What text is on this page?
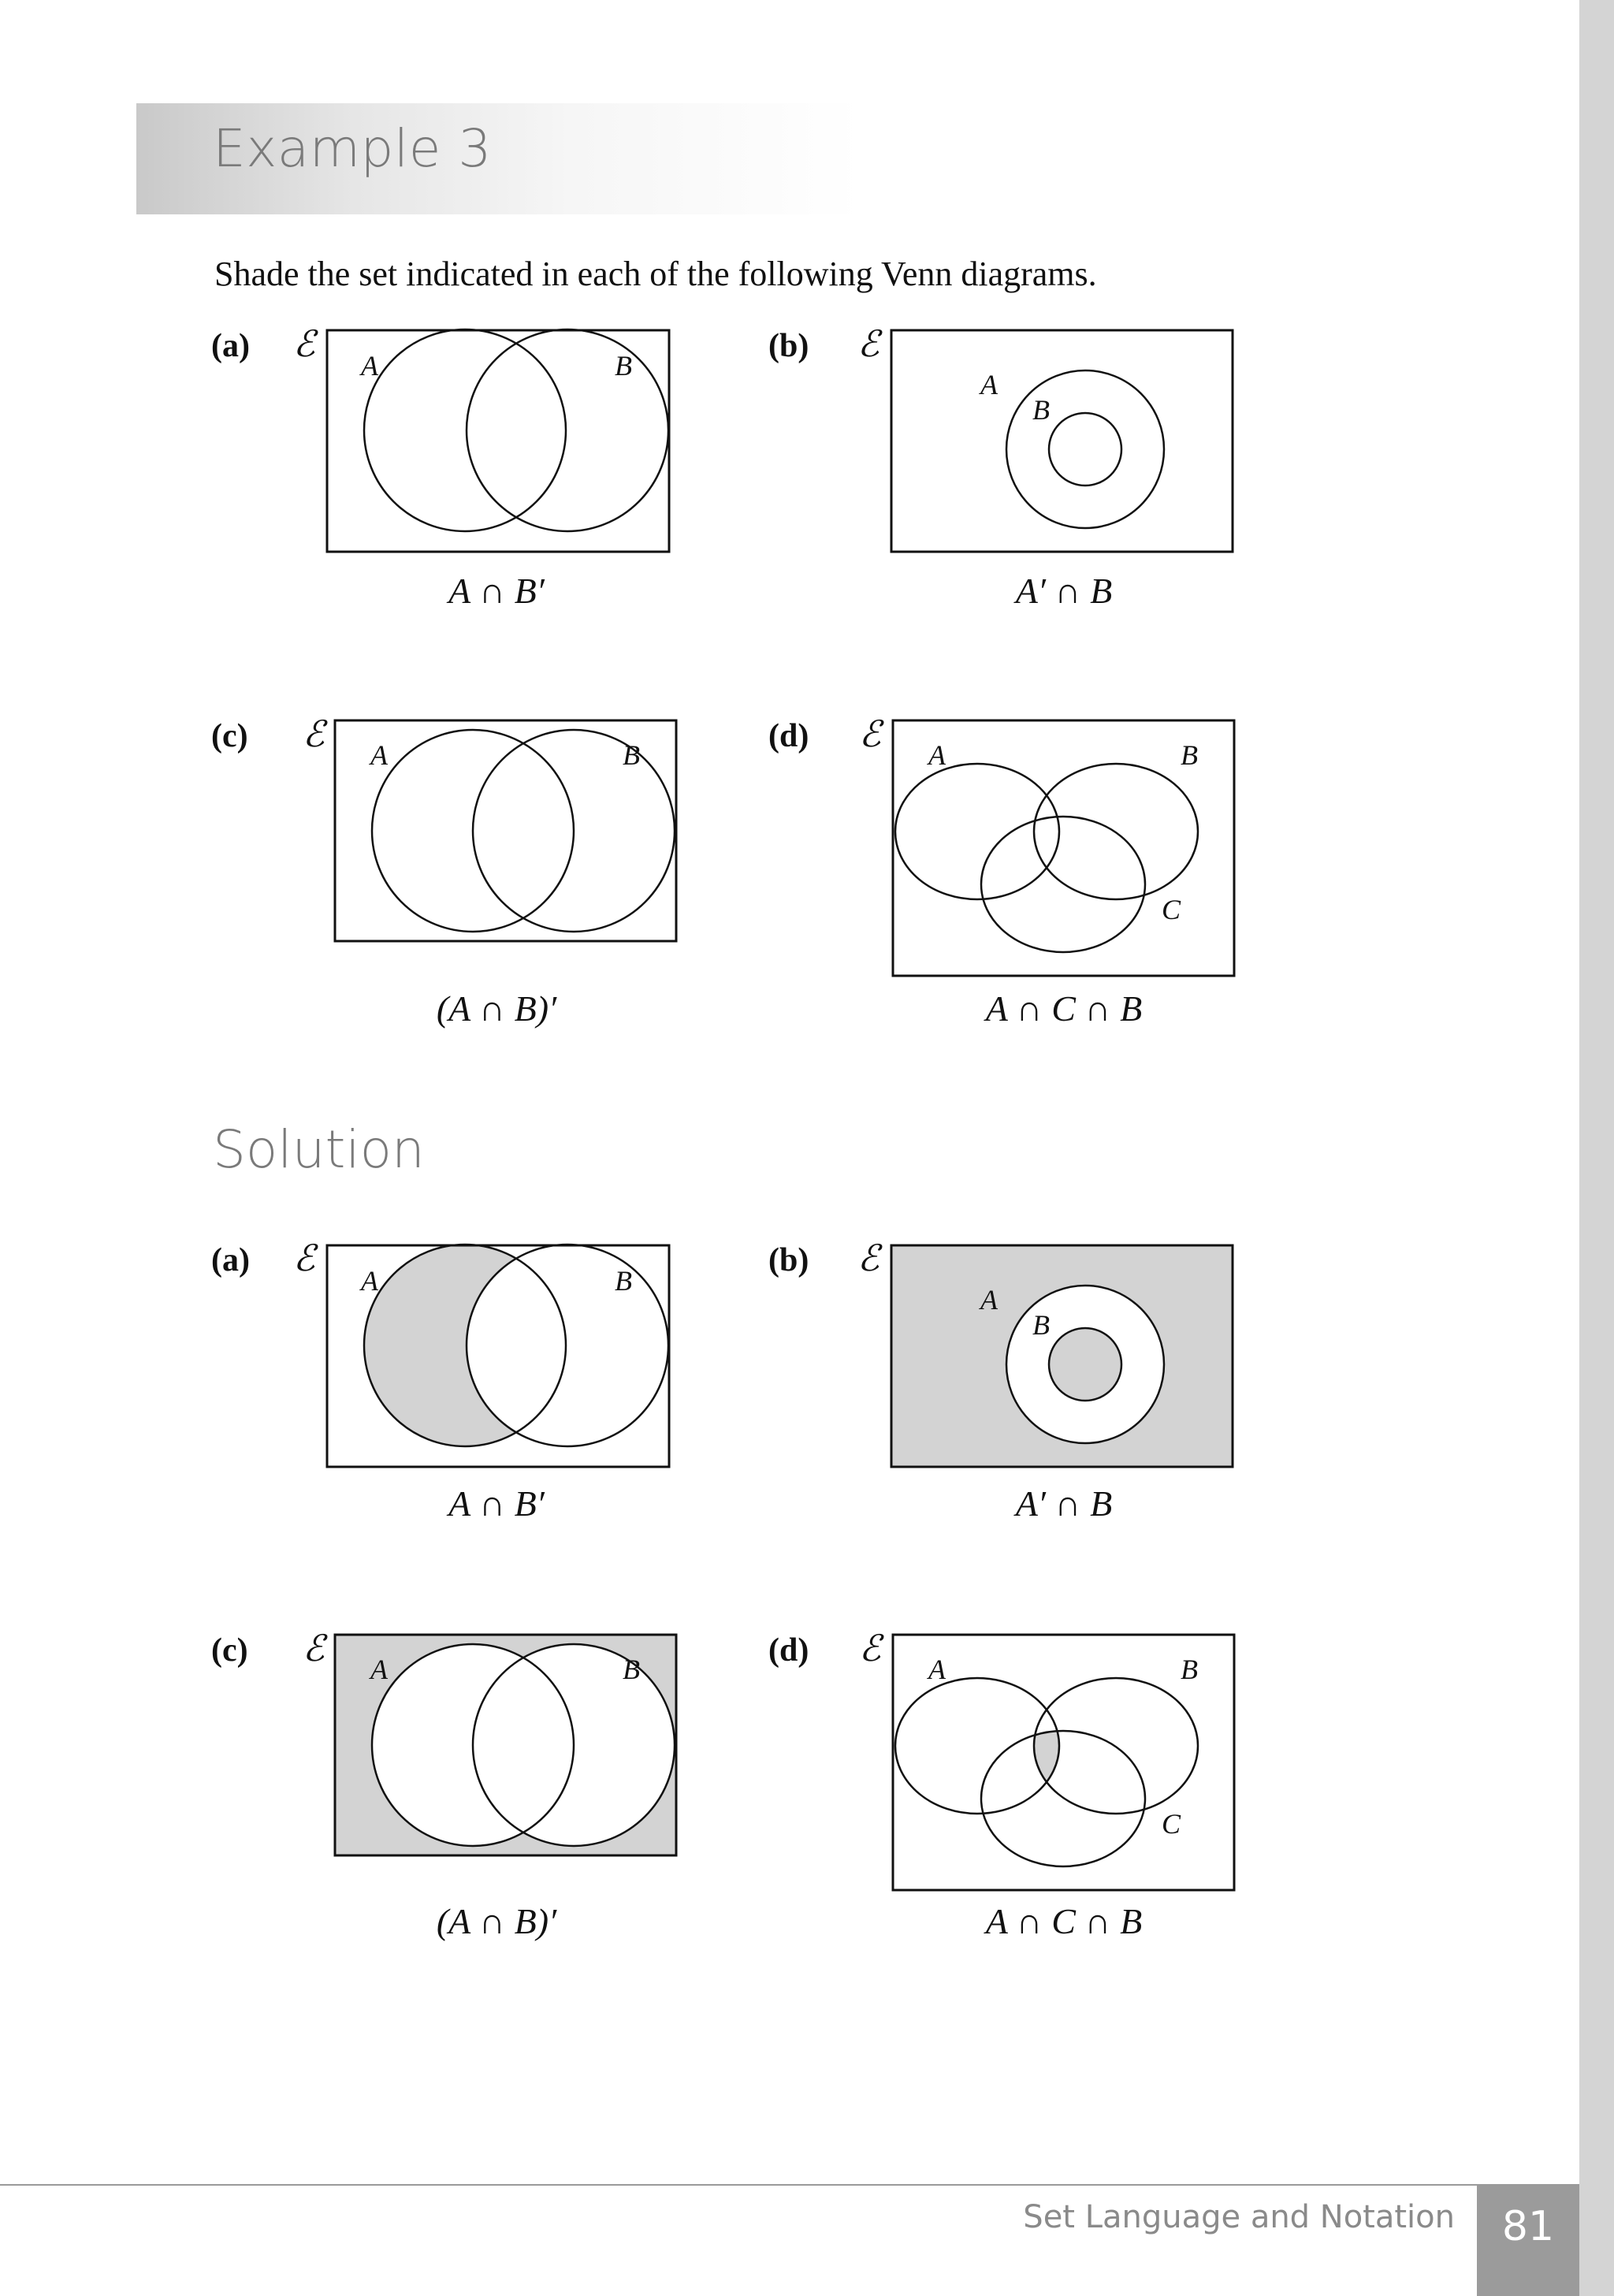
Example 3
Shade the set indicated in each of the following Venn diagrams.
Solution
(a) ℰ
A	B
A ∩ B′
(b) ℰ
A
B
A′ ∩ B
(c) ℰ
A	B
(A ∩ B)′
(d) ℰ
A	B
C
A ∩ C ∩ B
(a) ℰ
A	B
A ∩ B′
(b) ℰ
A
B
A′ ∩ B
(c) ℰ
A	B
(A ∩ B)′
(d) ℰ
A	B
C
A ∩ C ∩ B
Set Language and Notation	81
